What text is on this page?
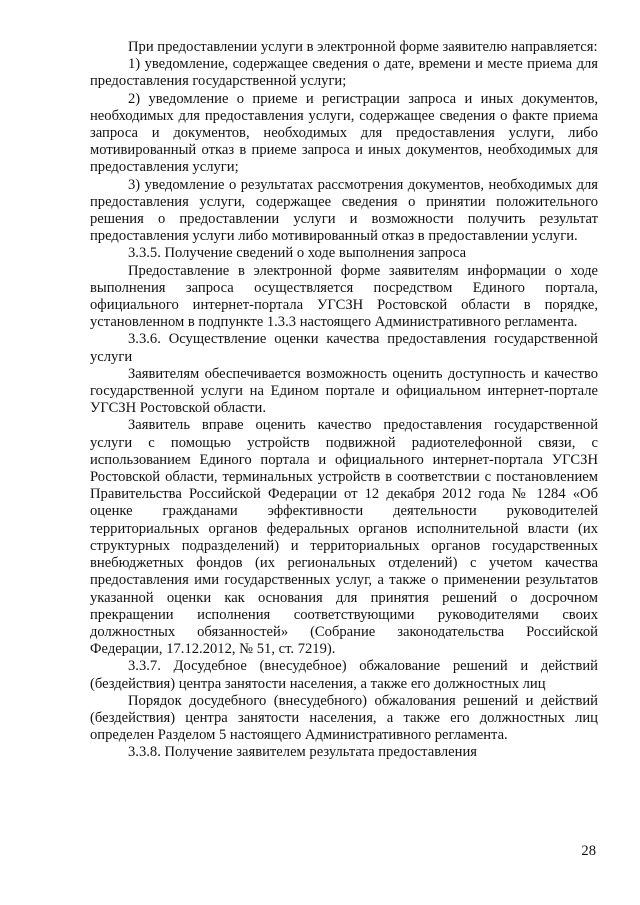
При предоставлении услуги в электронной форме заявителю направляется:

1) уведомление, содержащее сведения о дате, времени и месте приема для предоставления государственной услуги;

2) уведомление о приеме и регистрации запроса и иных документов, необходимых для предоставления услуги, содержащее сведения о факте приема запроса и документов, необходимых для предоставления услуги, либо мотивированный отказ в приеме запроса и иных документов, необходимых для предоставления услуги;

3) уведомление о результатах рассмотрения документов, необходимых для предоставления услуги, содержащее сведения о принятии положительного решения о предоставлении услуги и возможности получить результат предоставления услуги либо мотивированный отказ в предоставлении услуги.

3.3.5. Получение сведений о ходе выполнения запроса

Предоставление в электронной форме заявителям информации о ходе выполнения запроса осуществляется посредством Единого портала, официального интернет-портала УГСЗН Ростовской области в порядке, установленном в подпункте 1.3.3 настоящего Административного регламента.

3.3.6. Осуществление оценки качества предоставления государственной услуги

Заявителям обеспечивается возможность оценить доступность и качество государственной услуги на Едином портале и официальном интернет-портале УГСЗН Ростовской области.

Заявитель вправе оценить качество предоставления государственной услуги с помощью устройств подвижной радиотелефонной связи, с использованием Единого портала и официального интернет-портала УГСЗН Ростовской области, терминальных устройств в соответствии с постановлением Правительства Российской Федерации от 12 декабря 2012 года № 1284 «Об оценке гражданами эффективности деятельности руководителей территориальных органов федеральных органов исполнительной власти (их структурных подразделений) и территориальных органов государственных внебюджетных фондов (их региональных отделений) с учетом качества предоставления ими государственных услуг, а также о применении результатов указанной оценки как основания для принятия решений о досрочном прекращении исполнения соответствующими руководителями своих должностных обязанностей» (Собрание законодательства Российской Федерации, 17.12.2012, № 51, ст. 7219).

3.3.7. Досудебное (внесудебное) обжалование решений и действий (бездействия) центра занятости населения, а также его должностных лиц

Порядок досудебного (внесудебного) обжалования решений и действий (бездействия) центра занятости населения, а также его должностных лиц определен Разделом 5 настоящего Административного регламента.

3.3.8. Получение заявителем результата предоставления

28
